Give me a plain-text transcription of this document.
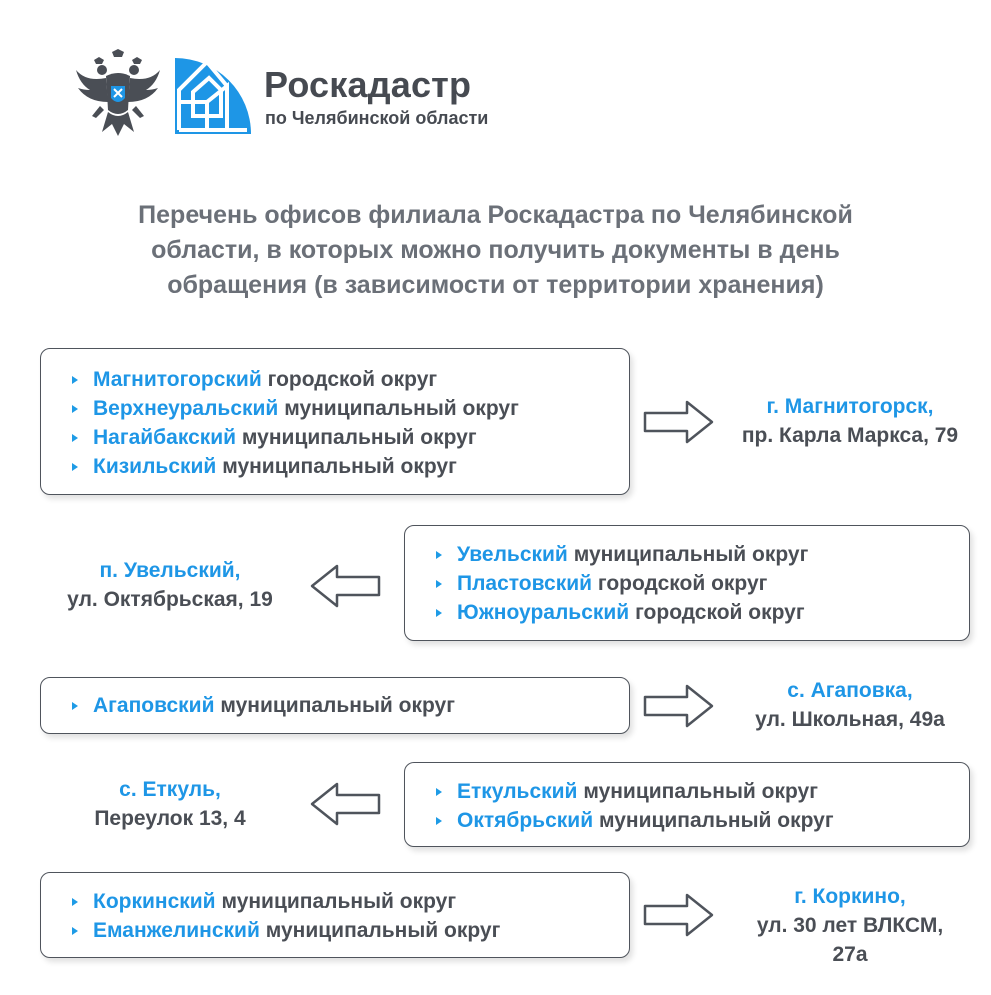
Роскадастр
по Челябинской области
Перечень офисов филиала Роскадастра по Челябинской
области, в которых можно получить документы в день
обращения (в зависимости от территории хранения)
Магнитогорский городской округ
Верхнеуральский муниципальный округ
Нагайбакский муниципальный округ
Кизильский муниципальный округ
г. Магнитогорск,
пр. Карла Маркса, 79
Увельский муниципальный округ
Пластовский городской округ
Южноуральский городской округ
п. Увельский,
ул. Октябрьская, 19
Агаповский муниципальный округ
с. Агаповка,
ул. Школьная, 49а
Еткульский муниципальный округ
Октябрьский муниципальный округ
с. Еткуль,
Переулок 13, 4
Коркинский муниципальный округ
Еманжелинский муниципальный округ
г. Коркино,
ул. 30 лет ВЛКСМ,
27а
